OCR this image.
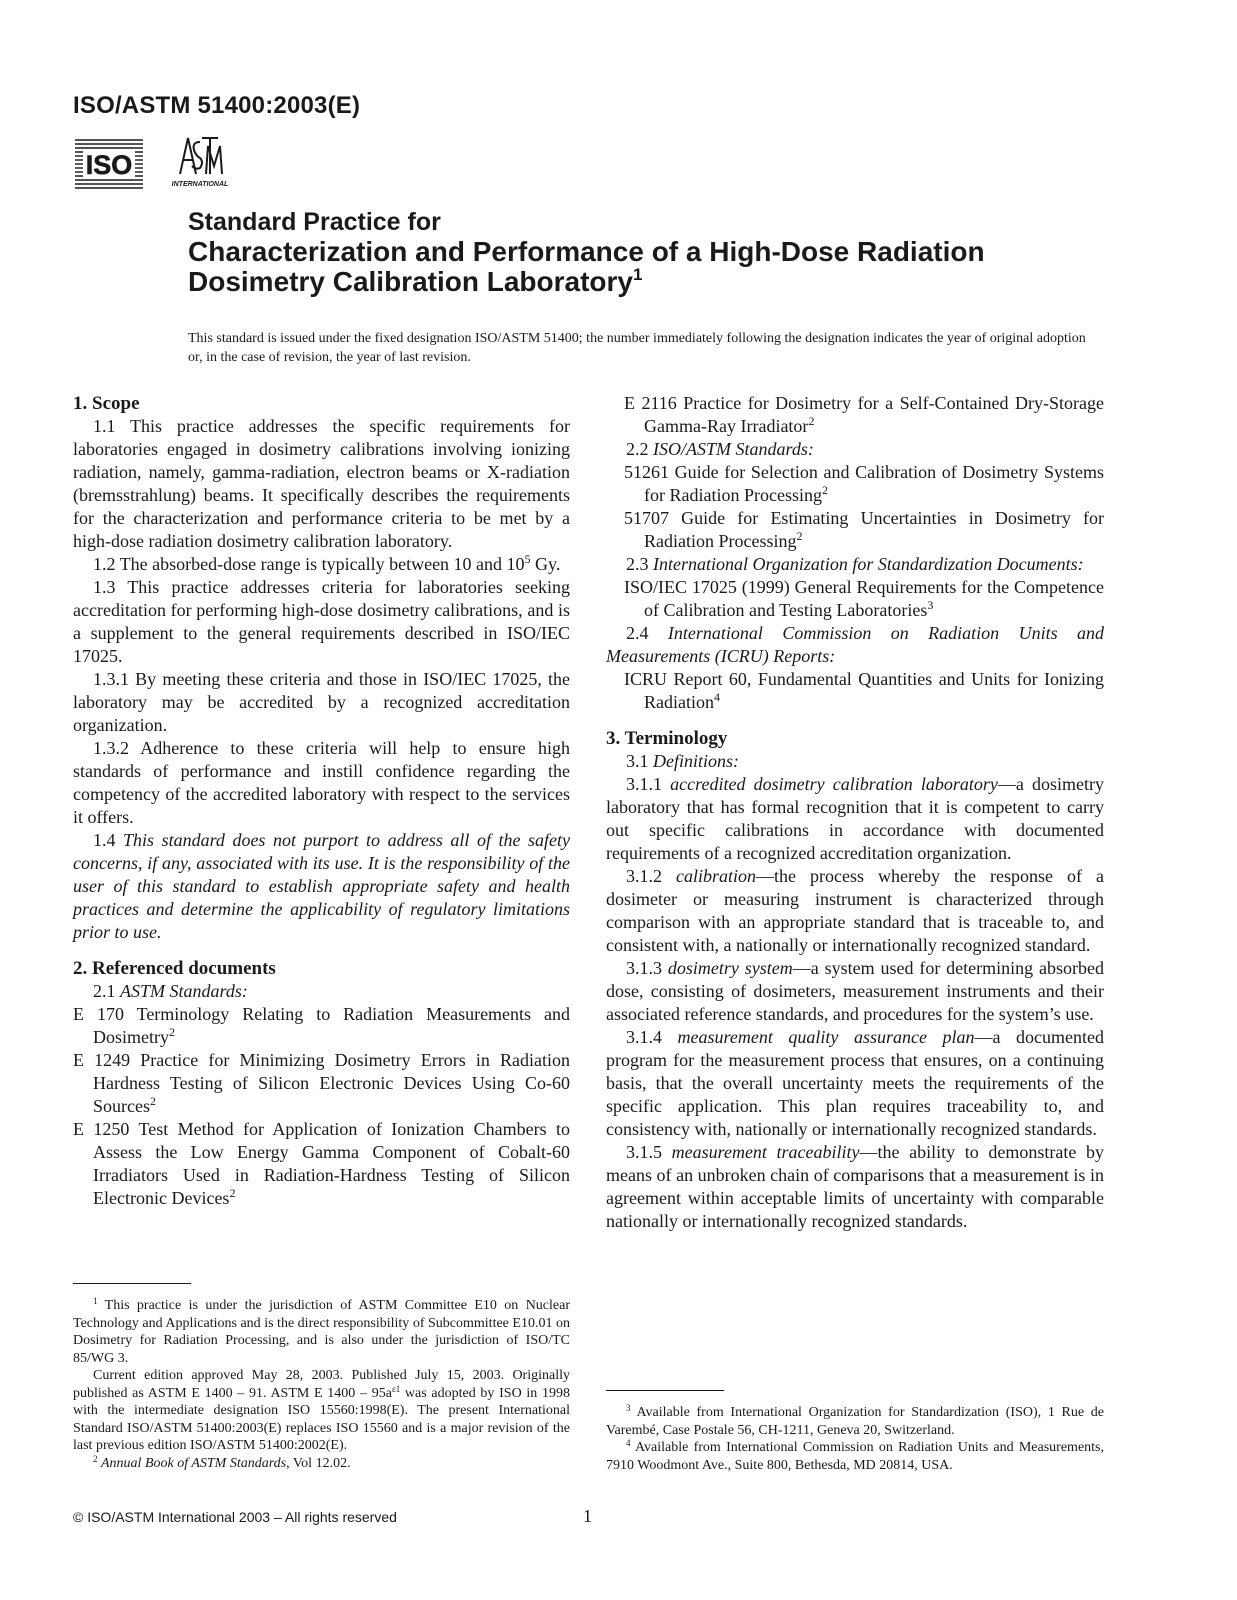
ISO/ASTM 51400:2003(E)
ISO
INTERNATIONAL
Standard Practice for
Characterization and Performance of a High-Dose Radiation
Dosimetry Calibration Laboratory$^1$
This standard is issued under the fixed designation ISO/ASTM 51400; the number immediately following the designation indicates the year of original adoption or, in the case of revision, the year of last revision.
1. Scope

1.1 This practice addresses the specific requirements for laboratories engaged in dosimetry calibrations involving ionizing radiation, namely, gamma-radiation, electron beams or X-radiation (bremsstrahlung) beams. It specifically describes the requirements for the characterization and performance criteria to be met by a high-dose radiation dosimetry calibration laboratory.

1.2 The absorbed-dose range is typically between 10 and $10^5$ Gy.

1.3 This practice addresses criteria for laboratories seeking accreditation for performing high-dose dosimetry calibrations, and is a supplement to the general requirements described in ISO/IEC 17025.

1.3.1 By meeting these criteria and those in ISO/IEC 17025, the laboratory may be accredited by a recognized accreditation organization.

1.3.2 Adherence to these criteria will help to ensure high standards of performance and instill confidence regarding the competency of the accredited laboratory with respect to the services it offers.

1.4 This standard does not purport to address all of the safety concerns, if any, associated with its use. It is the responsibility of the user of this standard to establish appropriate safety and health practices and determine the applicability of regulatory limitations prior to use.

2. Referenced documents

2.1 ASTM Standards:

E 170 Terminology Relating to Radiation Measurements and Dosimetry$^2$

E 1249 Practice for Minimizing Dosimetry Errors in Radiation Hardness Testing of Silicon Electronic Devices Using Co-60 Sources$^2$

E 1250 Test Method for Application of Ionization Chambers to Assess the Low Energy Gamma Component of Cobalt-60 Irradiators Used in Radiation-Hardness Testing of Silicon Electronic Devices$^2$

E 2116 Practice for Dosimetry for a Self-Contained Dry-Storage Gamma-Ray Irradiator$^2$

2.2 ISO/ASTM Standards:

51261 Guide for Selection and Calibration of Dosimetry Systems for Radiation Processing$^2$

51707 Guide for Estimating Uncertainties in Dosimetry for Radiation Processing$^2$

2.3 International Organization for Standardization Documents:

ISO/IEC 17025 (1999) General Requirements for the Competence of Calibration and Testing Laboratories$^3$

2.4 International Commission on Radiation Units and Measurements (ICRU) Reports:

ICRU Report 60, Fundamental Quantities and Units for Ionizing Radiation$^4$

3. Terminology

3.1 Definitions:

3.1.1 accredited dosimetry calibration laboratory—a dosimetry laboratory that has formal recognition that it is competent to carry out specific calibrations in accordance with documented requirements of a recognized accreditation organization.

3.1.2 calibration—the process whereby the response of a dosimeter or measuring instrument is characterized through comparison with an appropriate standard that is traceable to, and consistent with, a nationally or internationally recognized standard.

3.1.3 dosimetry system—a system used for determining absorbed dose, consisting of dosimeters, measurement instruments and their associated reference standards, and procedures for the system’s use.

3.1.4 measurement quality assurance plan—a documented program for the measurement process that ensures, on a continuing basis, that the overall uncertainty meets the requirements of the specific application. This plan requires traceability to, and consistency with, nationally or internationally recognized standards.

3.1.5 measurement traceability—the ability to demonstrate by means of an unbroken chain of comparisons that a measurement is in agreement within acceptable limits of uncertainty with comparable nationally or internationally recognized standards.

$^1$ This practice is under the jurisdiction of ASTM Committee E10 on Nuclear Technology and Applications and is the direct responsibility of Subcommittee E10.01 on Dosimetry for Radiation Processing, and is also under the jurisdiction of ISO/TC 85/WG 3.

Current edition approved May 28, 2003. Published July 15, 2003. Originally published as ASTM E 1400 – 91. ASTM E $1400 - 95a^{\varepsilon 1}$ was adopted by ISO in 1998 with the intermediate designation ISO 15560:1998(E). The present International Standard ISO/ASTM 51400:2003(E) replaces ISO 15560 and is a major revision of the last previous edition ISO/ASTM 51400:2002(E).

$^2$ Annual Book of ASTM Standards, Vol 12.02.

$^3$ Available from International Organization for Standardization (ISO), 1 Rue de Varembé, Case Postale 56, CH-1211, Geneva 20, Switzerland.

$^4$ Available from International Commission on Radiation Units and Measurements, 7910 Woodmont Ave., Suite 800, Bethesda, MD 20814, USA.

© ISO/ASTM International 2003 – All rights reserved	1
